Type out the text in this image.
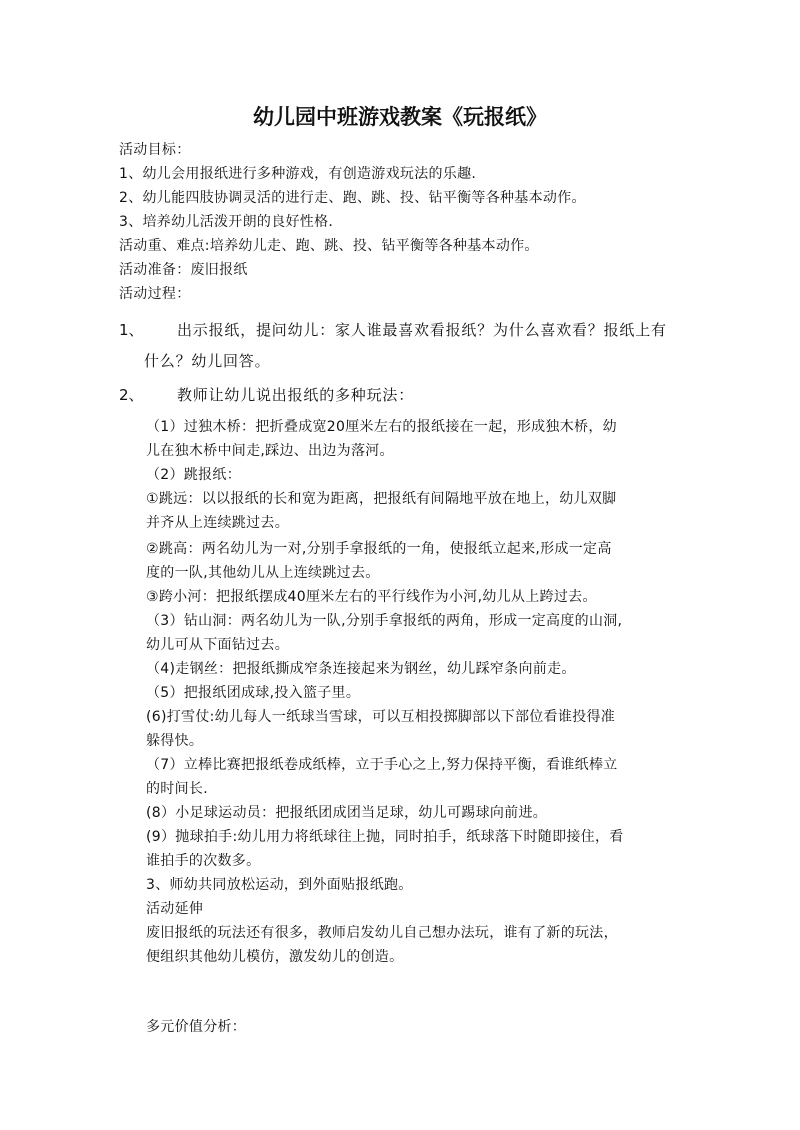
幼儿园中班游戏教案《玩报纸》
活动目标：
1、幼儿会用报纸进行多种游戏，有创造游戏玩法的乐趣.
2、幼儿能四肢协调灵活的进行走、跑、跳、投、钻平衡等各种基本动作。
3、培养幼儿活泼开朗的良好性格.
活动重、难点:培养幼儿走、跑、跳、投、钻平衡等各种基本动作。
活动准备：废旧报纸
活动过程：
1、 出示报纸，提问幼儿：家人谁最喜欢看报纸？为什么喜欢看？报纸上有
什么？幼儿回答。
2、 教师让幼儿说出报纸的多种玩法：
（1）过独木桥：把折叠成宽20厘米左右的报纸接在一起，形成独木桥，幼
儿在独木桥中间走,踩边、出边为落河。
（2）跳报纸：
①跳远：以以报纸的长和宽为距离，把报纸有间隔地平放在地上，幼儿双脚
并齐从上连续跳过去。
②跳高：两名幼儿为一对,分别手拿报纸的一角，使报纸立起来,形成一定高
度的一队,其他幼儿从上连续跳过去。
③跨小河：把报纸摆成40厘米左右的平行线作为小河,幼儿从上跨过去。
（3）钻山洞：两名幼儿为一队,分别手拿报纸的两角，形成一定高度的山洞,
幼儿可从下面钻过去。
（4)走钢丝：把报纸撕成窄条连接起来为钢丝，幼儿踩窄条向前走。
（5）把报纸团成球,投入篮子里。
(6)打雪仗:幼儿每人一纸球当雪球，可以互相投掷脚部以下部位看谁投得准
躲得快。
（7）立棒比赛把报纸卷成纸棒，立于手心之上,努力保持平衡，看谁纸棒立
的时间长.
(8）小足球运动员：把报纸团成团当足球，幼儿可踢球向前进。
(9）抛球拍手:幼儿用力将纸球往上抛，同时拍手，纸球落下时随即接住，看
谁拍手的次数多。
3、师幼共同放松运动，到外面贴报纸跑。
活动延伸
废旧报纸的玩法还有很多，教师启发幼儿自己想办法玩，谁有了新的玩法，
便组织其他幼儿模仿，激发幼儿的创造。
多元价值分析：
